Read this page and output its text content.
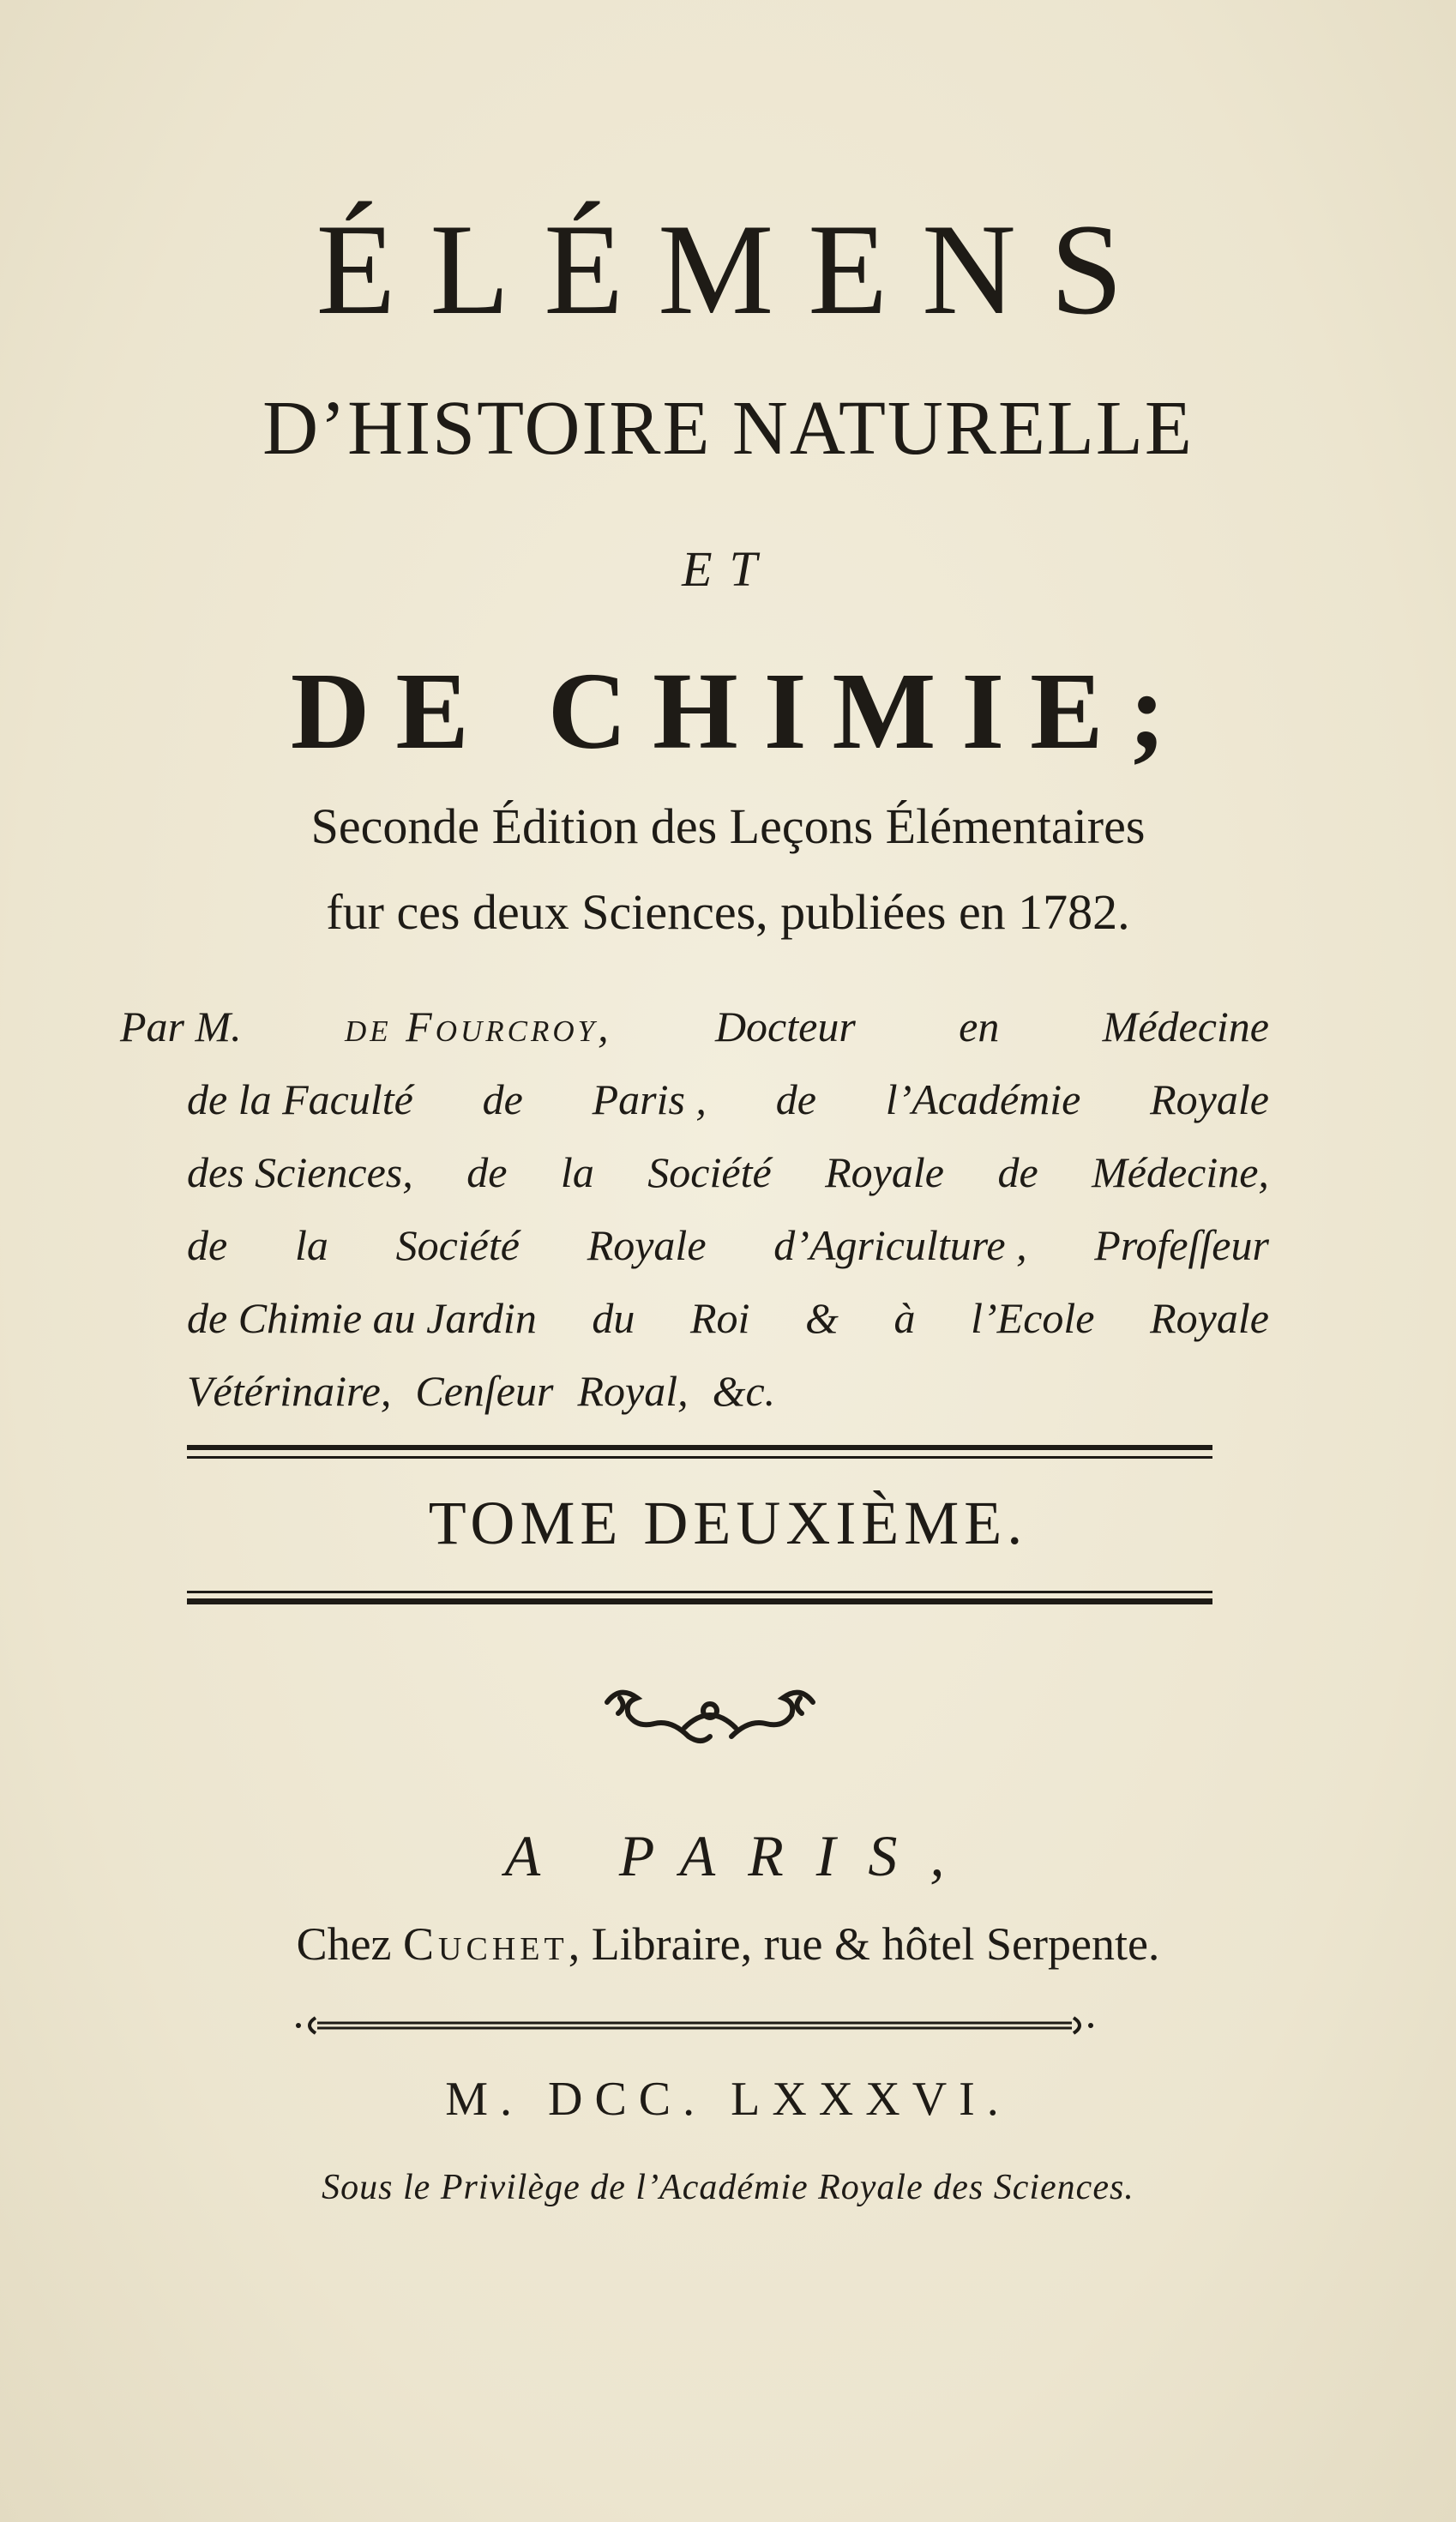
ÉLÉMENS
D’HISTOIRE NATURELLE
ET
DE CHIMIE;
Seconde Édition des Leçons Élémentaires
fur ces deux Sciences, publiées en 1782.
Par M. de Fourcroy, Docteur en Médecine
de la Faculté de Paris , de l’Académie Royale
des Sciences, de la Société Royale de Médecine,
de la Société Royale d’Agriculture , Profeſſeur
de Chimie au Jardin du Roi & à l’Ecole Royale
Vétérinaire, Cenſeur Royal, &c.
TOME DEUXIÈME.
A PARIS,
Chez Cuchet, Libraire, rue & hôtel Serpente.
M. DCC. LXXXVI.
Sous le Privilège de l’Académie Royale des Sciences.
